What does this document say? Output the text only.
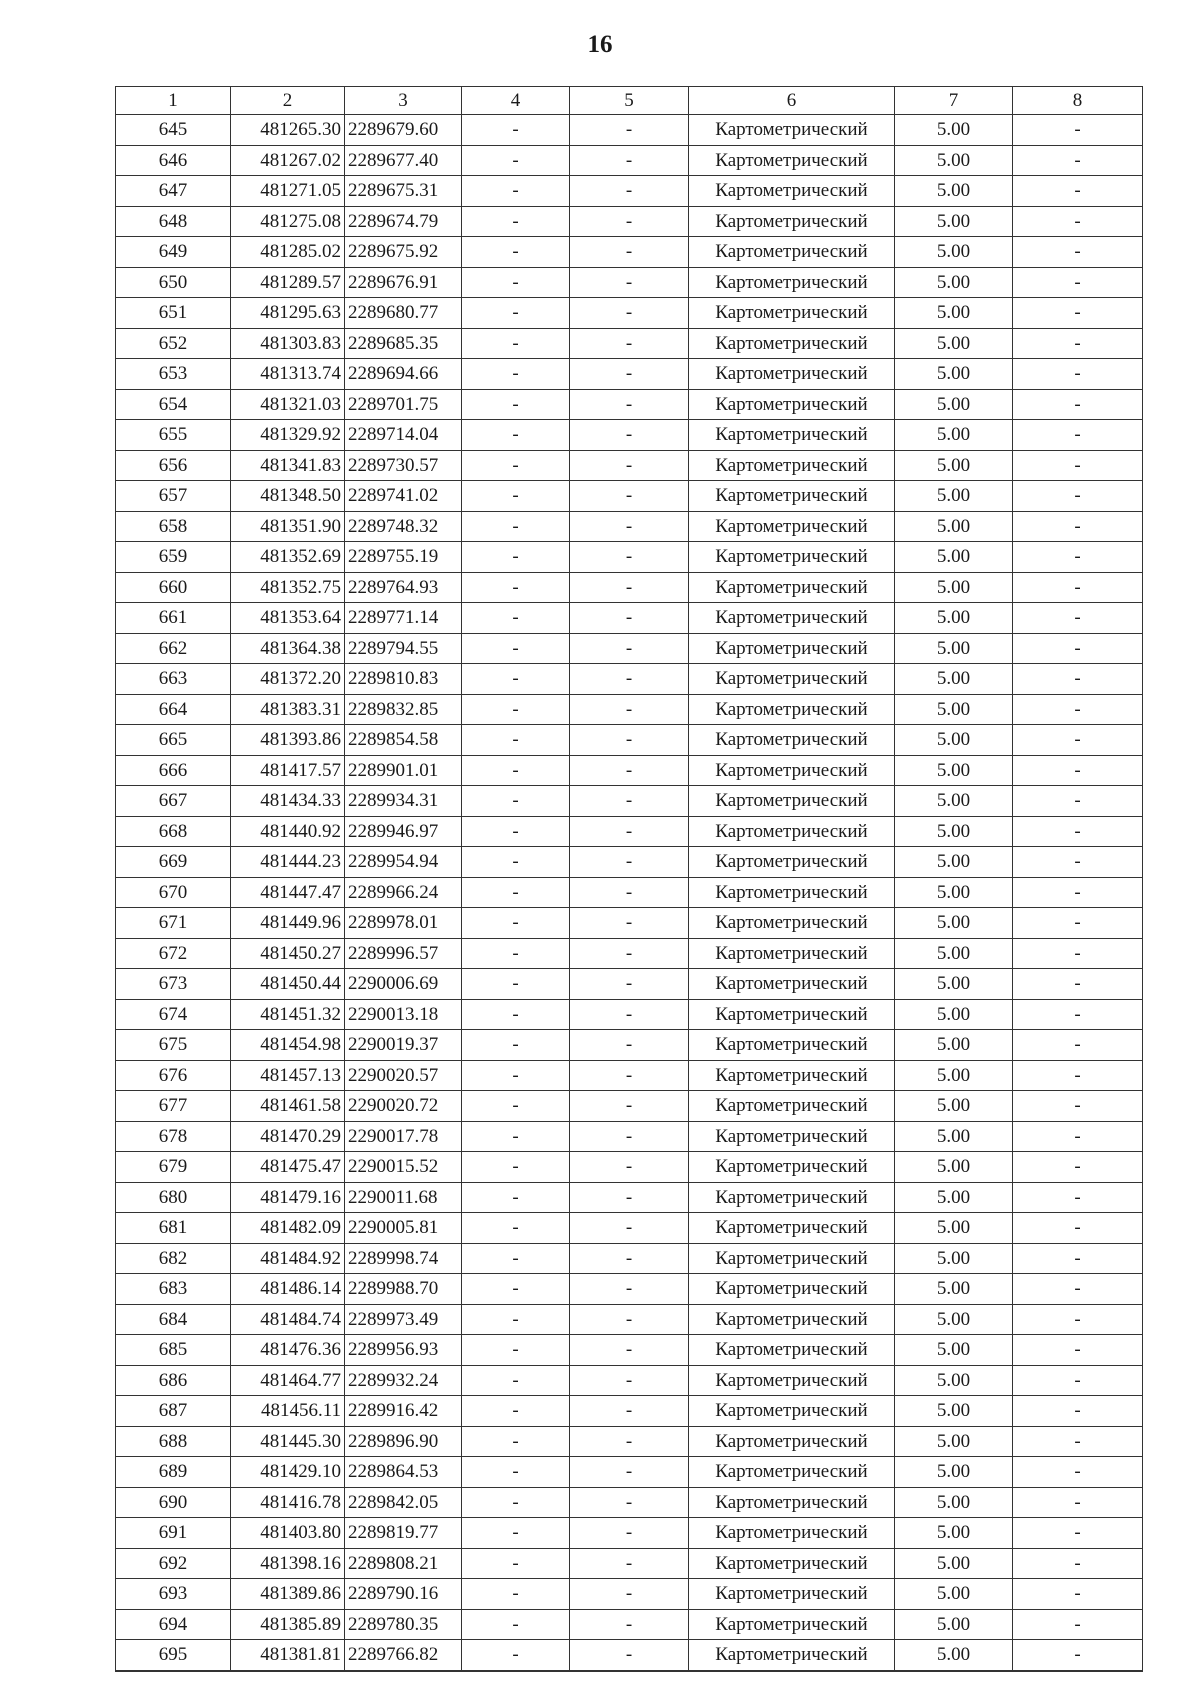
16
1	2	3	4	5	6	7	8
645	481265.30	2289679.60	-	-	Картометрический	5.00	-
646	481267.02	2289677.40	-	-	Картометрический	5.00	-
647	481271.05	2289675.31	-	-	Картометрический	5.00	-
648	481275.08	2289674.79	-	-	Картометрический	5.00	-
649	481285.02	2289675.92	-	-	Картометрический	5.00	-
650	481289.57	2289676.91	-	-	Картометрический	5.00	-
651	481295.63	2289680.77	-	-	Картометрический	5.00	-
652	481303.83	2289685.35	-	-	Картометрический	5.00	-
653	481313.74	2289694.66	-	-	Картометрический	5.00	-
654	481321.03	2289701.75	-	-	Картометрический	5.00	-
655	481329.92	2289714.04	-	-	Картометрический	5.00	-
656	481341.83	2289730.57	-	-	Картометрический	5.00	-
657	481348.50	2289741.02	-	-	Картометрический	5.00	-
658	481351.90	2289748.32	-	-	Картометрический	5.00	-
659	481352.69	2289755.19	-	-	Картометрический	5.00	-
660	481352.75	2289764.93	-	-	Картометрический	5.00	-
661	481353.64	2289771.14	-	-	Картометрический	5.00	-
662	481364.38	2289794.55	-	-	Картометрический	5.00	-
663	481372.20	2289810.83	-	-	Картометрический	5.00	-
664	481383.31	2289832.85	-	-	Картометрический	5.00	-
665	481393.86	2289854.58	-	-	Картометрический	5.00	-
666	481417.57	2289901.01	-	-	Картометрический	5.00	-
667	481434.33	2289934.31	-	-	Картометрический	5.00	-
668	481440.92	2289946.97	-	-	Картометрический	5.00	-
669	481444.23	2289954.94	-	-	Картометрический	5.00	-
670	481447.47	2289966.24	-	-	Картометрический	5.00	-
671	481449.96	2289978.01	-	-	Картометрический	5.00	-
672	481450.27	2289996.57	-	-	Картометрический	5.00	-
673	481450.44	2290006.69	-	-	Картометрический	5.00	-
674	481451.32	2290013.18	-	-	Картометрический	5.00	-
675	481454.98	2290019.37	-	-	Картометрический	5.00	-
676	481457.13	2290020.57	-	-	Картометрический	5.00	-
677	481461.58	2290020.72	-	-	Картометрический	5.00	-
678	481470.29	2290017.78	-	-	Картометрический	5.00	-
679	481475.47	2290015.52	-	-	Картометрический	5.00	-
680	481479.16	2290011.68	-	-	Картометрический	5.00	-
681	481482.09	2290005.81	-	-	Картометрический	5.00	-
682	481484.92	2289998.74	-	-	Картометрический	5.00	-
683	481486.14	2289988.70	-	-	Картометрический	5.00	-
684	481484.74	2289973.49	-	-	Картометрический	5.00	-
685	481476.36	2289956.93	-	-	Картометрический	5.00	-
686	481464.77	2289932.24	-	-	Картометрический	5.00	-
687	481456.11	2289916.42	-	-	Картометрический	5.00	-
688	481445.30	2289896.90	-	-	Картометрический	5.00	-
689	481429.10	2289864.53	-	-	Картометрический	5.00	-
690	481416.78	2289842.05	-	-	Картометрический	5.00	-
691	481403.80	2289819.77	-	-	Картометрический	5.00	-
692	481398.16	2289808.21	-	-	Картометрический	5.00	-
693	481389.86	2289790.16	-	-	Картометрический	5.00	-
694	481385.89	2289780.35	-	-	Картометрический	5.00	-
695	481381.81	2289766.82	-	-	Картометрический	5.00	-
